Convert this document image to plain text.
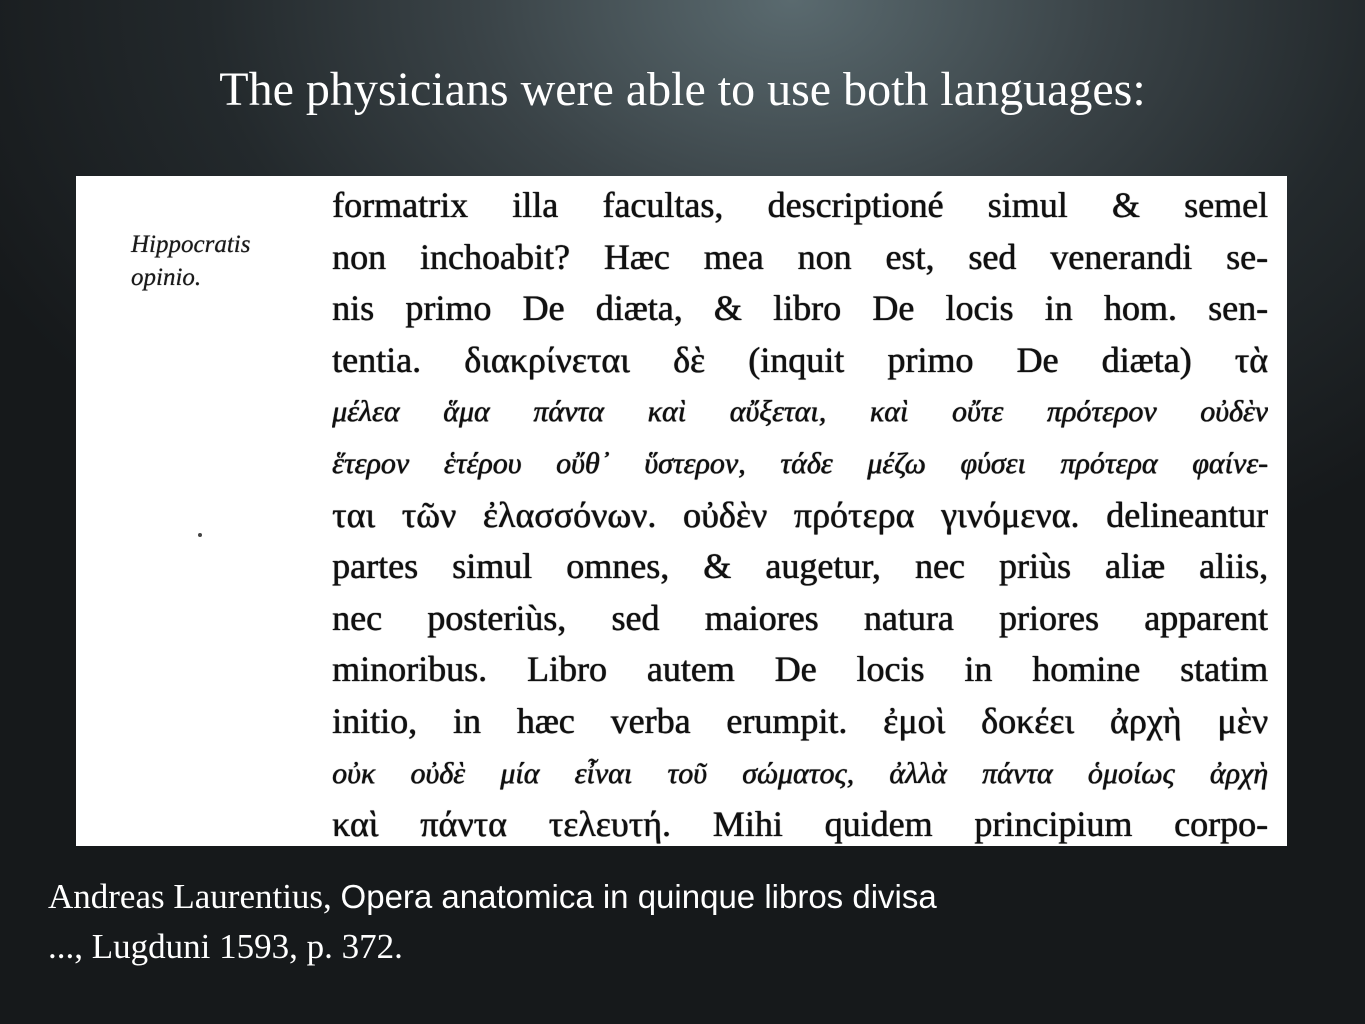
The physicians were able to use both languages:
Hippocratis
opinio.
formatrix illa facultas, descriptioné simul & semel
non inchoabit? Hæc mea non est, sed venerandi se-
nis primo De diæta, & libro De locis in hom. sen-
tentia. διακρίνεται δὲ (inquit primo De diæta) τὰ
μέλεα ἅμα πάντα καὶ αὔξεται, καὶ οὔτε πρότερον οὐδὲν
ἕτερον ἑτέρου οὔθ᾽ ὕστερον, τάδε μέζω φύσει πρότερα φαίνε-
ται τῶν ἐλασσόνων. οὐδὲν πρότερα γινόμενα. delineantur
partes simul omnes, & augetur, nec priùs aliæ aliis,
nec posteriùs, sed maiores natura priores apparent
minoribus. Libro autem De locis in homine statim
initio, in hæc verba erumpit. ἐμοὶ δοκέει ἀρχὴ μὲν
οὐκ οὐδὲ μία εἶναι τοῦ σώματος, ἀλλὰ πάντα ὁμοίως ἀρχὴ
καὶ πάντα τελευτή. Mihi quidem principium corpo-
Andreas Laurentius, Opera anatomica in quinque libros divisa
..., Lugduni 1593, p. 372.
